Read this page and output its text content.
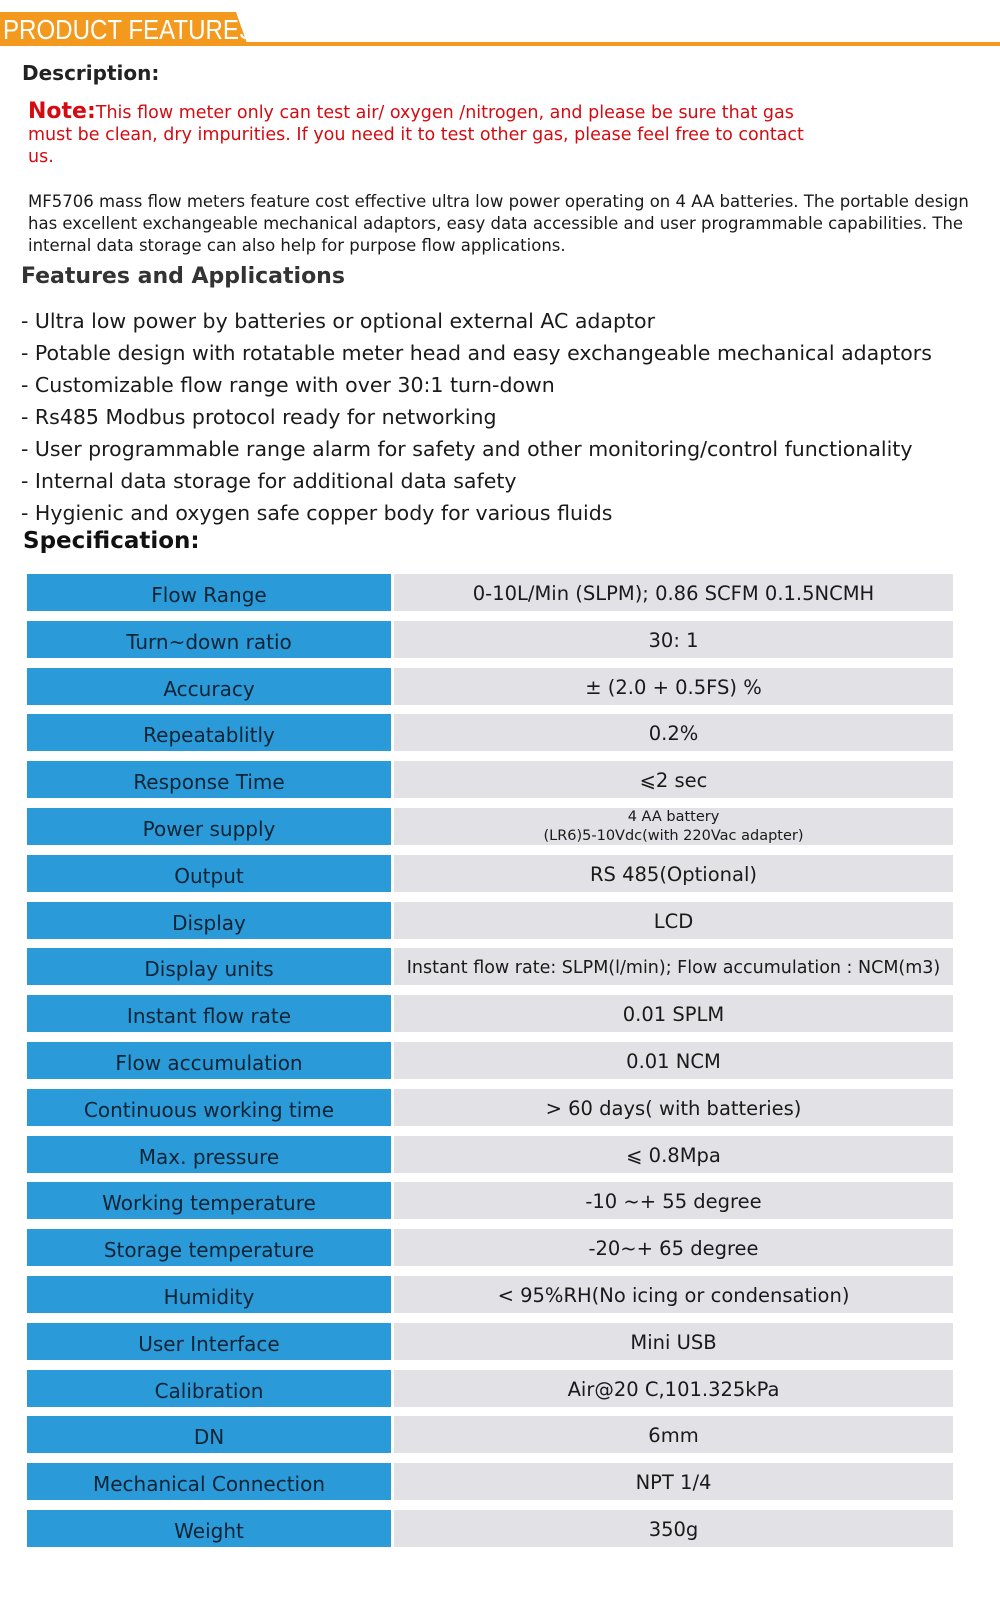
PRODUCT FEATURES
Description:
Note:This flow meter only can test air/ oxygen /nitrogen, and please be sure that gas must be clean, dry impurities. If you need it to test other gas, please feel free to contact us.
MF5706 mass flow meters feature cost effective ultra low power operating on 4 AA batteries. The portable design has excellent exchangeable mechanical adaptors, easy data accessible and user programmable capabilities. The internal data storage can also help for purpose flow applications.
Features and Applications
- Ultra low power by batteries or optional external AC adaptor
- Potable design with rotatable meter head and easy exchangeable mechanical adaptors
- Customizable flow range with over 30:1 turn-down
- Rs485 Modbus protocol ready for networking
- User programmable range alarm for safety and other monitoring/control functionality
- Internal data storage for additional data safety
- Hygienic and oxygen safe copper body for various fluids
Specification:
Flow Range	0-10L/Min (SLPM); 0.86 SCFM 0.1.5NCMH
Turn~down ratio	30: 1
Accuracy	± (2.0 + 0.5FS) %
Repeatablitly	0.2%
Response Time	⩽2 sec
Power supply	4 AA battery
(LR6)5-10Vdc(with 220Vac adapter)
Output	RS 485(Optional)
Display	LCD
Display units	Instant flow rate: SLPM(l/min); Flow accumulation : NCM(m3)
Instant flow rate	0.01 SPLM
Flow accumulation	0.01 NCM
Continuous working time	> 60 days( with batteries)
Max. pressure	⩽ 0.8Mpa
Working temperature	-10 ~+ 55 degree
Storage temperature	-20~+ 65 degree
Humidity	< 95%RH(No icing or condensation)
User Interface	Mini USB
Calibration	Air@20 C,101.325kPa
DN	6mm
Mechanical Connection	NPT 1/4
Weight	350g
